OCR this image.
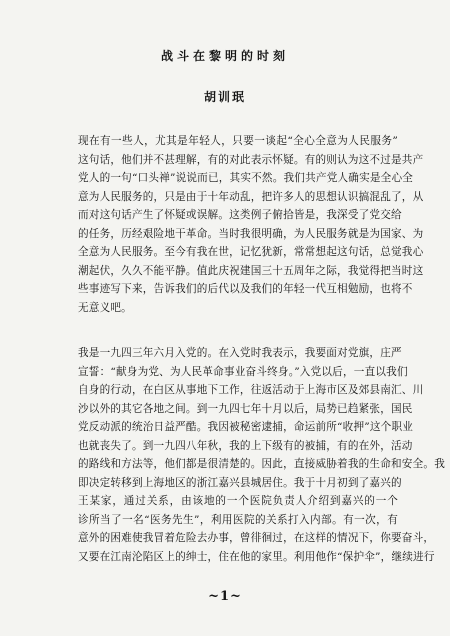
战斗在黎明的时刻
胡训珉
现在有一些人，尤其是年轻人，只要一谈起“全心全意为人民服务”
这句话，他们并不甚理解，有的对此表示怀疑。有的则认为这不过是共产
党人的一句“口头禅”说说而已，其实不然。我们共产党人确实是全心全
意为人民服务的，只是由于十年动乱，把许多人的思想认识搞混乱了，从
而对这句话产生了怀疑或误解。这类例子俯拾皆是，我深受了党交给
的任务，历经艰险地干革命。当时我很明确，为人民服务就是为国家、为
全意为人民服务。至今有我在世，记忆犹新，常常想起这句话，总觉我心
潮起伏，久久不能平静。值此庆祝建国三十五周年之际，我觉得把当时这
些事迹写下来，告诉我们的后代以及我们的年轻一代互相勉励，也将不
无意义吧。
我是一九四三年六月入党的。在入党时我表示，我要面对党旗，庄严
宣誓：“献身为党、为人民革命事业奋斗终身。”入党以后，一直以我们
自身的行动，在白区从事地下工作，往返活动于上海市区及郊县南汇、川
沙以外的其它各地之间。到一九四七年十月以后，局势已趋紧张，国民
党反动派的统治日益严酷。我因被秘密逮捕，命运前所“收押”这个职业
也就丧失了。到一九四八年秋，我的上下级有的被捕，有的在外，活动
的路线和方法等，他们都是很清楚的。因此，直接威胁着我的生命和安全。我
即决定转移到上海地区的浙江嘉兴县城居住。我于十月初到了嘉兴的
王某家，通过关系，由该地的一个医院负责人介绍到嘉兴的一个
诊所当了一名“医务先生”，利用医院的关系打入内部。有一次，有
意外的困难使我冒着危险去办事，曾徘徊过，在这样的情况下，你要奋斗，
又要在江南沦陷区上的绅士，住在他的家里。利用他作“保护伞”，继续进行
~1~
